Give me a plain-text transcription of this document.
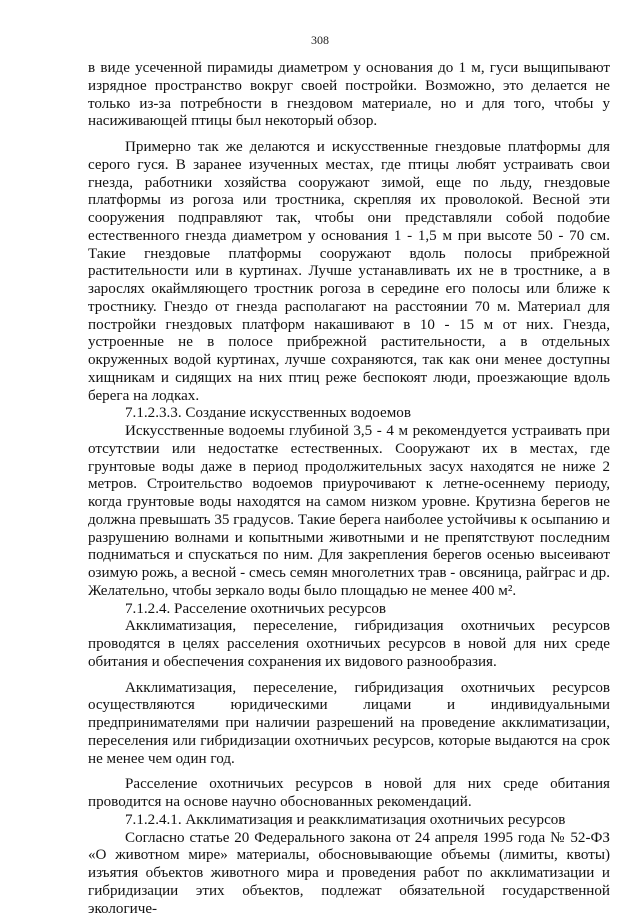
308

в виде усеченной пирамиды диаметром у основания до 1 м, гуси выщипывают изрядное пространство вокруг своей постройки. Возможно, это делается не только из-за потребности в гнездовом материале, но и для того, чтобы у насиживающей птицы был некоторый обзор.

Примерно так же делаются и искусственные гнездовые платформы для серого гуся. В заранее изученных местах, где птицы любят устраивать свои гнезда, работники хозяйства сооружают зимой, еще по льду, гнездовые платформы из рогоза или тростника, скрепляя их проволокой. Весной эти сооружения подправляют так, чтобы они представляли собой подобие естественного гнезда диаметром у основания 1 - 1,5 м при высоте 50 - 70 см. Такие гнездовые платформы сооружают вдоль полосы прибрежной растительности или в куртинах. Лучше устанавливать их не в тростнике, а в зарослях окаймляющего тростник рогоза в середине его полосы или ближе к тростнику. Гнездо от гнезда располагают на расстоянии 70 м. Материал для постройки гнездовых платформ накашивают в 10 - 15 м от них. Гнезда, устроенные не в полосе прибрежной растительности, а в отдельных окруженных водой куртинах, лучше сохраняются, так как они менее доступны хищникам и сидящих на них птиц реже беспокоят люди, проезжающие вдоль берега на лодках.

7.1.2.3.3. Создание искусственных водоемов

Искусственные водоемы глубиной 3,5 - 4 м рекомендуется устраивать при отсутствии или недостатке естественных. Сооружают их в местах, где грунтовые воды даже в период продолжительных засух находятся не ниже 2 метров. Строительство водоемов приурочивают к летне-осеннему периоду, когда грунтовые воды находятся на самом низком уровне. Крутизна берегов не должна превышать 35 градусов. Такие берега наиболее устойчивы к осыпанию и разрушению волнами и копытными животными и не препятствуют последним подниматься и спускаться по ним. Для закрепления берегов осенью высеивают озимую рожь, а весной - смесь семян многолетних трав - овсяница, райграс и др. Желательно, чтобы зеркало воды было площадью не менее 400 м².

7.1.2.4. Расселение охотничьих ресурсов

Акклиматизация, переселение, гибридизация охотничьих ресурсов проводятся в целях расселения охотничьих ресурсов в новой для них среде обитания и обеспечения сохранения их видового разнообразия.

Акклиматизация, переселение, гибридизация охотничьих ресурсов осуществляются юридическими лицами и индивидуальными предпринимателями при наличии разрешений на проведение акклиматизации, переселения или гибридизации охотничьих ресурсов, которые выдаются на срок не менее чем один год.

Расселение охотничьих ресурсов в новой для них среде обитания проводится на основе научно обоснованных рекомендаций.

7.1.2.4.1. Акклиматизация и реакклиматизация охотничьих ресурсов

Согласно статье 20 Федерального закона от 24 апреля 1995 года № 52-ФЗ «О животном мире» материалы, обосновывающие объемы (лимиты, квоты) изъятия объектов животного мира и проведения работ по акклиматизации и гибридизации этих объектов, подлежат обязательной государственной экологиче-
